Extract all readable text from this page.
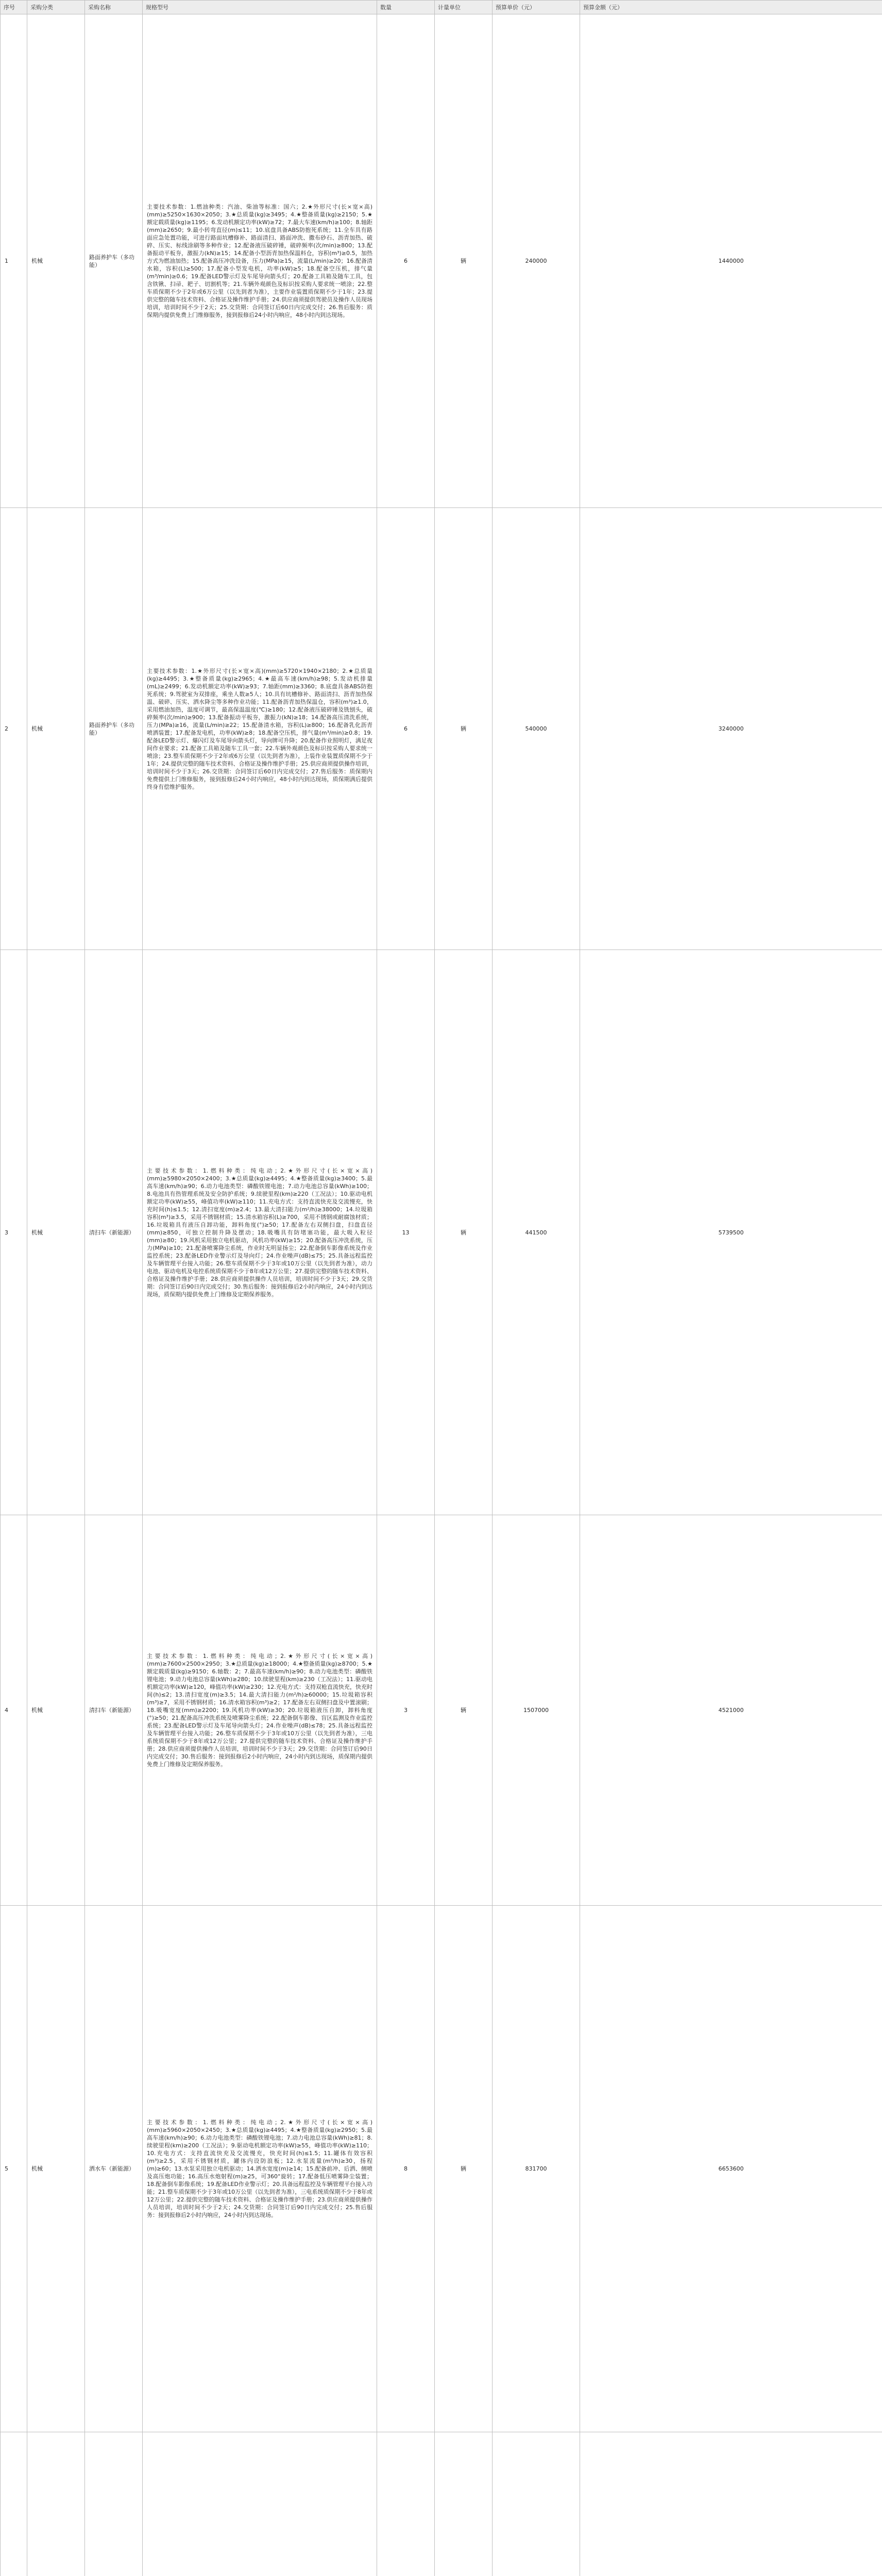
序号	采购分类	采购名称	规格型号	数量	计量单位	预算单价（元）	预算金额（元）
1	机械	路面养护车（多功能）	主要技术参数：1.燃油种类：汽油、柴油等标准：国六；2.★外形尺寸(长×宽×高)(mm)≥5250×1630×2050；3.★总质量(kg)≥3495；4.★整备质量(kg)≥2150；5.★额定载质量(kg)≥1195；6.发动机额定功率(kW)≥72；7.最大车速(km/h)≥100；8.轴距(mm)≥2650；9.最小转弯直径(m)≤11；10.底盘具备ABS防抱死系统；11.全车具有路面应急处置功能，可进行路面坑槽修补、路面清扫、路面冲洗、撒布砂石、沥青加热、破碎、压实、标线涂刷等多种作业；12.配备液压破碎锤，破碎频率(次/min)≥800；13.配备振动平板夯，激振力(kN)≥15；14.配备小型沥青加热保温料仓，容积(m³)≥0.5，加热方式为燃油加热；15.配备高压冲洗设备，压力(MPa)≥15，流量(L/min)≥20；16.配备清水箱，容积(L)≥500；17.配备小型发电机，功率(kW)≥5；18.配备空压机，排气量(m³/min)≥0.6；19.配备LED警示灯及车尾导向箭头灯；20.配备工具箱及随车工具，包含铁锹、扫帚、耙子、切割机等；21.车辆外观颜色及标识按采购人要求统一喷涂；22.整车质保期不少于2年或6万公里（以先到者为准），主要作业装置质保期不少于1年；23.提供完整的随车技术资料、合格证及操作维护手册；24.供应商须提供驾驶员及操作人员现场培训，培训时间不少于2天；25.交货期：合同签订后60日内完成交付；26.售后服务：质保期内提供免费上门维修服务，接到报修后24小时内响应，48小时内到达现场。	6	辆	240000	1440000
2	机械	路面养护车（多功能）	主要技术参数：1.★外形尺寸(长×宽×高)(mm)≥5720×1940×2180；2.★总质量(kg)≥4495；3.★整备质量(kg)≥2965；4.★最高车速(km/h)≥98；5.发动机排量(mL)≥2499；6.发动机额定功率(kW)≥93；7.轴距(mm)≥3360；8.底盘具备ABS防抱死系统；9.驾驶室为双排座，乘坐人数≥5人；10.具有坑槽修补、路面清扫、沥青加热保温、破碎、压实、洒水降尘等多种作业功能；11.配备沥青加热保温仓，容积(m³)≥1.0，采用燃油加热，温度可调节，最高保温温度(℃)≥180；12.配备液压破碎锤及铣刨头，破碎频率(次/min)≥900；13.配备振动平板夯，激振力(kN)≥18；14.配备高压清洗系统，压力(MPa)≥16，流量(L/min)≥22；15.配备清水箱，容积(L)≥800；16.配备乳化沥青喷洒装置；17.配备发电机，功率(kW)≥8；18.配备空压机，排气量(m³/min)≥0.8；19.配备LED警示灯、爆闪灯及车尾导向箭头灯，导向牌可升降；20.配备作业照明灯，满足夜间作业要求；21.配备工具箱及随车工具一套；22.车辆外观颜色及标识按采购人要求统一喷涂；23.整车质保期不少于2年或6万公里（以先到者为准），上装作业装置质保期不少于1年；24.提供完整的随车技术资料、合格证及操作维护手册；25.供应商须提供操作培训，培训时间不少于3天；26.交货期：合同签订后60日内完成交付；27.售后服务：质保期内免费提供上门维修服务，接到报修后24小时内响应，48小时内到达现场，质保期满后提供终身有偿维护服务。	6	辆	540000	3240000
3	机械	清扫车（新能源）	主要技术参数：1.燃料种类：纯电动；2.★外形尺寸(长×宽×高)(mm)≥5980×2050×2400；3.★总质量(kg)≥4495；4.★整备质量(kg)≥3400；5.最高车速(km/h)≥90；6.动力电池类型：磷酸铁锂电池；7.动力电池总容量(kWh)≥100；8.电池具有热管理系统及安全防护系统；9.续驶里程(km)≥220（工况法）；10.驱动电机额定功率(kW)≥55，峰值功率(kW)≥110；11.充电方式：支持直流快充及交流慢充，快充时间(h)≤1.5；12.清扫宽度(m)≥2.4；13.最大清扫能力(m²/h)≥38000；14.垃圾箱容积(m³)≥3.5，采用不锈钢材质；15.清水箱容积(L)≥700，采用不锈钢或耐腐蚀材质；16.垃圾箱具有液压自卸功能，卸料角度(°)≥50；17.配备左右双侧扫盘，扫盘直径(mm)≥850，可独立控制升降及摆动；18.吸嘴具有防堵塞功能，最大吸入粒径(mm)≥80；19.风机采用独立电机驱动，风机功率(kW)≥15；20.配备高压冲洗系统，压力(MPa)≥10；21.配备喷雾降尘系统，作业时无明显扬尘；22.配备倒车影像系统及作业监控系统；23.配备LED作业警示灯及导向灯；24.作业噪声(dB)≤75；25.具备远程监控及车辆管理平台接入功能；26.整车质保期不少于3年或10万公里（以先到者为准），动力电池、驱动电机及电控系统质保期不少于8年或12万公里；27.提供完整的随车技术资料、合格证及操作维护手册；28.供应商须提供操作人员培训，培训时间不少于3天；29.交货期：合同签订后90日内完成交付；30.售后服务：接到报修后2小时内响应，24小时内到达现场，质保期内提供免费上门维修及定期保养服务。	13	辆	441500	5739500
4	机械	清扫车（新能源）	主要技术参数：1.燃料种类：纯电动；2.★外形尺寸(长×宽×高)(mm)≥7600×2500×2950；3.★总质量(kg)≥18000；4.★整备质量(kg)≥8700；5.★额定载质量(kg)≥9150；6.轴数：2；7.最高车速(km/h)≥90；8.动力电池类型：磷酸铁锂电池；9.动力电池总容量(kWh)≥280；10.续驶里程(km)≥230（工况法）；11.驱动电机额定功率(kW)≥120，峰值功率(kW)≥230；12.充电方式：支持双枪直流快充，快充时间(h)≤2；13.清扫宽度(m)≥3.5；14.最大清扫能力(m²/h)≥60000；15.垃圾箱容积(m³)≥7，采用不锈钢材质；16.清水箱容积(m³)≥2；17.配备左右双侧扫盘及中置滚刷；18.吸嘴宽度(mm)≥2200；19.风机功率(kW)≥30；20.垃圾箱液压自卸，卸料角度(°)≥50；21.配备高压冲洗系统及喷雾降尘系统；22.配备倒车影像、盲区监测及作业监控系统；23.配备LED警示灯及车尾导向箭头灯；24.作业噪声(dB)≤78；25.具备远程监控及车辆管理平台接入功能；26.整车质保期不少于3年或10万公里（以先到者为准），三电系统质保期不少于8年或12万公里；27.提供完整的随车技术资料、合格证及操作维护手册；28.供应商须提供操作人员培训，培训时间不少于3天；29.交货期：合同签订后90日内完成交付；30.售后服务：接到报修后2小时内响应，24小时内到达现场，质保期内提供免费上门维修及定期保养服务。	3	辆	1507000	4521000
5	机械	洒水车（新能源）	主要技术参数：1.燃料种类：纯电动；2.★外形尺寸(长×宽×高)(mm)≥5960×2050×2450；3.★总质量(kg)≥4495；4.★整备质量(kg)≥2950；5.最高车速(km/h)≥90；6.动力电池类型：磷酸铁锂电池；7.动力电池总容量(kWh)≥81；8.续驶里程(km)≥200（工况法）；9.驱动电机额定功率(kW)≥55，峰值功率(kW)≥110；10.充电方式：支持直流快充及交流慢充，快充时间(h)≤1.5；11.罐体有效容积(m³)≥2.5，采用不锈钢材质，罐体内设防浪板；12.水泵流量(m³/h)≥30，扬程(m)≥60；13.水泵采用独立电机驱动；14.洒水宽度(m)≥14；15.配备前冲、后洒、侧喷及高压炮功能；16.高压水炮射程(m)≥25，可360°旋转；17.配备低压喷雾降尘装置；18.配备倒车影像系统；19.配备LED作业警示灯；20.具备远程监控及车辆管理平台接入功能；21.整车质保期不少于3年或10万公里（以先到者为准），三电系统质保期不少于8年或12万公里；22.提供完整的随车技术资料、合格证及操作维护手册；23.供应商须提供操作人员培训，培训时间不少于2天；24.交货期：合同签订后90日内完成交付；25.售后服务：接到报修后2小时内响应，24小时内到达现场。	8	辆	831700	6653600
